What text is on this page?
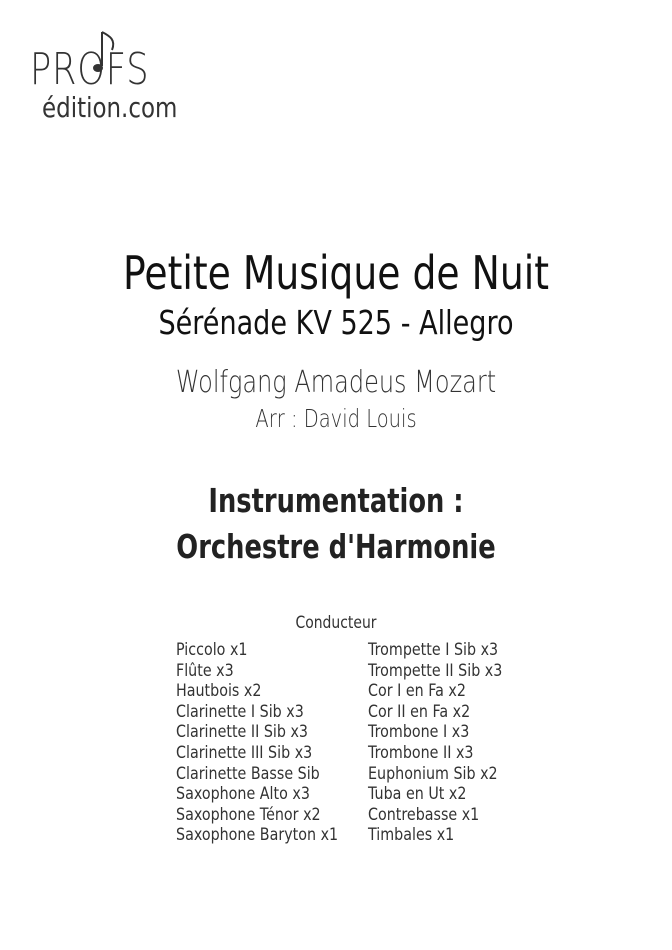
PROFS
édition.com
Petite Musique de Nuit
Sérénade KV 525 - Allegro
Wolfgang Amadeus Mozart
Arr : David Louis
Instrumentation :
Orchestre d'Harmonie
Conducteur
Piccolo x1
Flûte x3
Hautbois x2
Clarinette I Sib x3
Clarinette II Sib x3
Clarinette III Sib x3
Clarinette Basse Sib
Saxophone Alto x3
Saxophone Ténor x2
Saxophone Baryton x1
Trompette I Sib x3
Trompette II Sib x3
Cor I en Fa x2
Cor II en Fa x2
Trombone I x3
Trombone II x3
Euphonium Sib x2
Tuba en Ut x2
Contrebasse x1
Timbales x1
